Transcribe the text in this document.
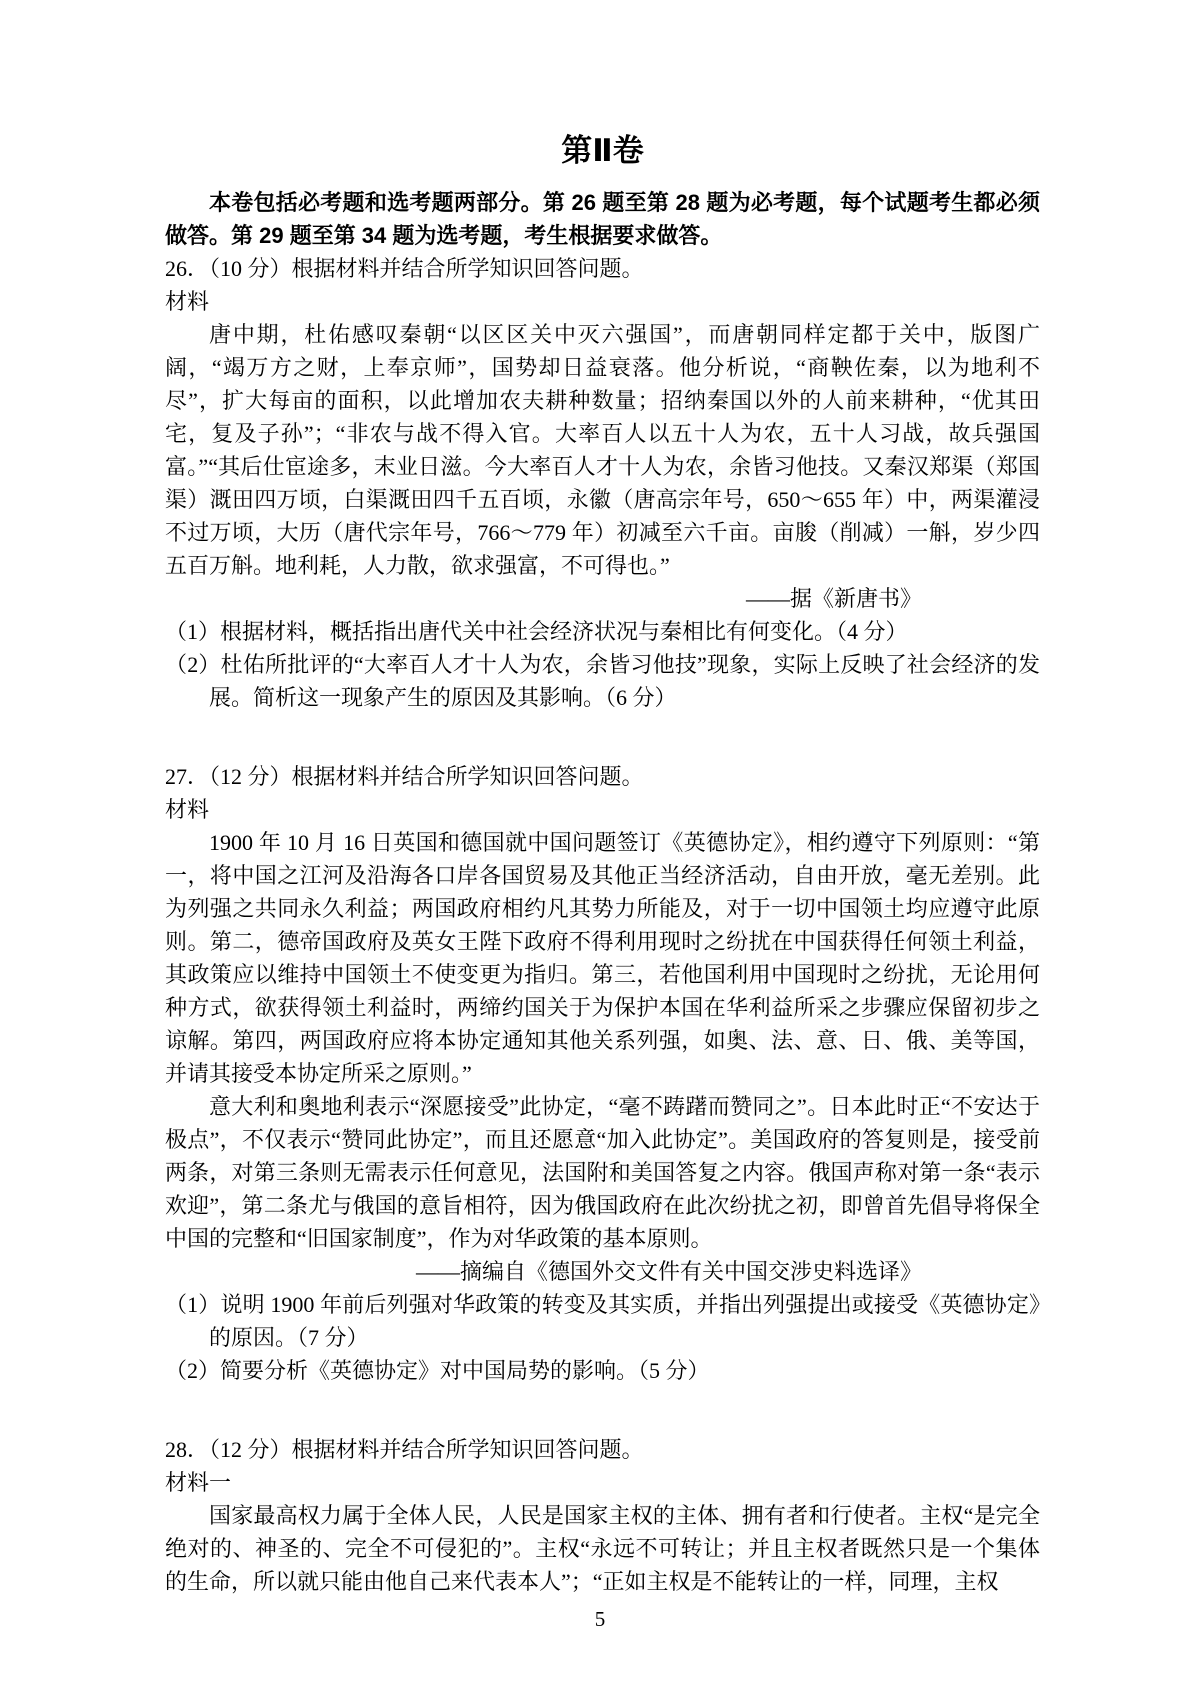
第Ⅱ卷

本卷包括必考题和选考题两部分。第 26 题至第 28 题为必考题，每个试题考生都必须做答。第 29 题至第 34 题为选考题，考生根据要求做答。

26．（10 分）根据材料并结合所学知识回答问题。

材料

唐中期，杜佑感叹秦朝“以区区关中灭六强国”，而唐朝同样定都于关中，版图广阔，“竭万方之财，上奉京师”，国势却日益衰落。他分析说，“商鞅佐秦，以为地利不尽”，扩大每亩的面积，以此增加农夫耕种数量；招纳秦国以外的人前来耕种，“优其田宅，复及子孙”；“非农与战不得入官。大率百人以五十人为农，五十人习战，故兵强国富。”“其后仕宦途多，末业日滋。今大率百人才十人为农，余皆习他技。又秦汉郑渠（郑国渠）溉田四万顷，白渠溉田四千五百顷，永徽（唐高宗年号，650～655 年）中，两渠灌浸不过万顷，大历（唐代宗年号，766～779 年）初减至六千亩。亩朘（削减）一斛，岁少四五百万斛。地利耗，人力散，欲求强富，不可得也。”

——据《新唐书》

（1）根据材料，概括指出唐代关中社会经济状况与秦相比有何变化。（4 分）

（2）杜佑所批评的“大率百人才十人为农，余皆习他技”现象，实际上反映了社会经济的发展。简析这一现象产生的原因及其影响。（6 分）

27．（12 分）根据材料并结合所学知识回答问题。

材料

1900 年 10 月 16 日英国和德国就中国问题签订《英德协定》，相约遵守下列原则：“第一，将中国之江河及沿海各口岸各国贸易及其他正当经济活动，自由开放，毫无差别。此为列强之共同永久利益；两国政府相约凡其势力所能及，对于一切中国领土均应遵守此原则。第二，德帝国政府及英女王陛下政府不得利用现时之纷扰在中国获得任何领土利益，其政策应以维持中国领土不使变更为指归。第三，若他国利用中国现时之纷扰，无论用何种方式，欲获得领土利益时，两缔约国关于为保护本国在华利益所采之步骤应保留初步之谅解。第四，两国政府应将本协定通知其他关系列强，如奥、法、意、日、俄、美等国，并请其接受本协定所采之原则。”

意大利和奥地利表示“深愿接受”此协定，“毫不踌躇而赞同之”。日本此时正“不安达于极点”，不仅表示“赞同此协定”，而且还愿意“加入此协定”。美国政府的答复则是，接受前两条，对第三条则无需表示任何意见，法国附和美国答复之内容。俄国声称对第一条“表示欢迎”，第二条尤与俄国的意旨相符，因为俄国政府在此次纷扰之初，即曾首先倡导将保全中国的完整和“旧国家制度”，作为对华政策的基本原则。

——摘编自《德国外交文件有关中国交涉史料选译》

（1）说明 1900 年前后列强对华政策的转变及其实质，并指出列强提出或接受《英德协定》的原因。（7 分）

（2）简要分析《英德协定》对中国局势的影响。（5 分）

28．（12 分）根据材料并结合所学知识回答问题。

材料一

国家最高权力属于全体人民，人民是国家主权的主体、拥有者和行使者。主权“是完全绝对的、神圣的、完全不可侵犯的”。主权“永远不可转让；并且主权者既然只是一个集体的生命，所以就只能由他自己来代表本人”；“正如主权是不能转让的一样，同理，主权

5
